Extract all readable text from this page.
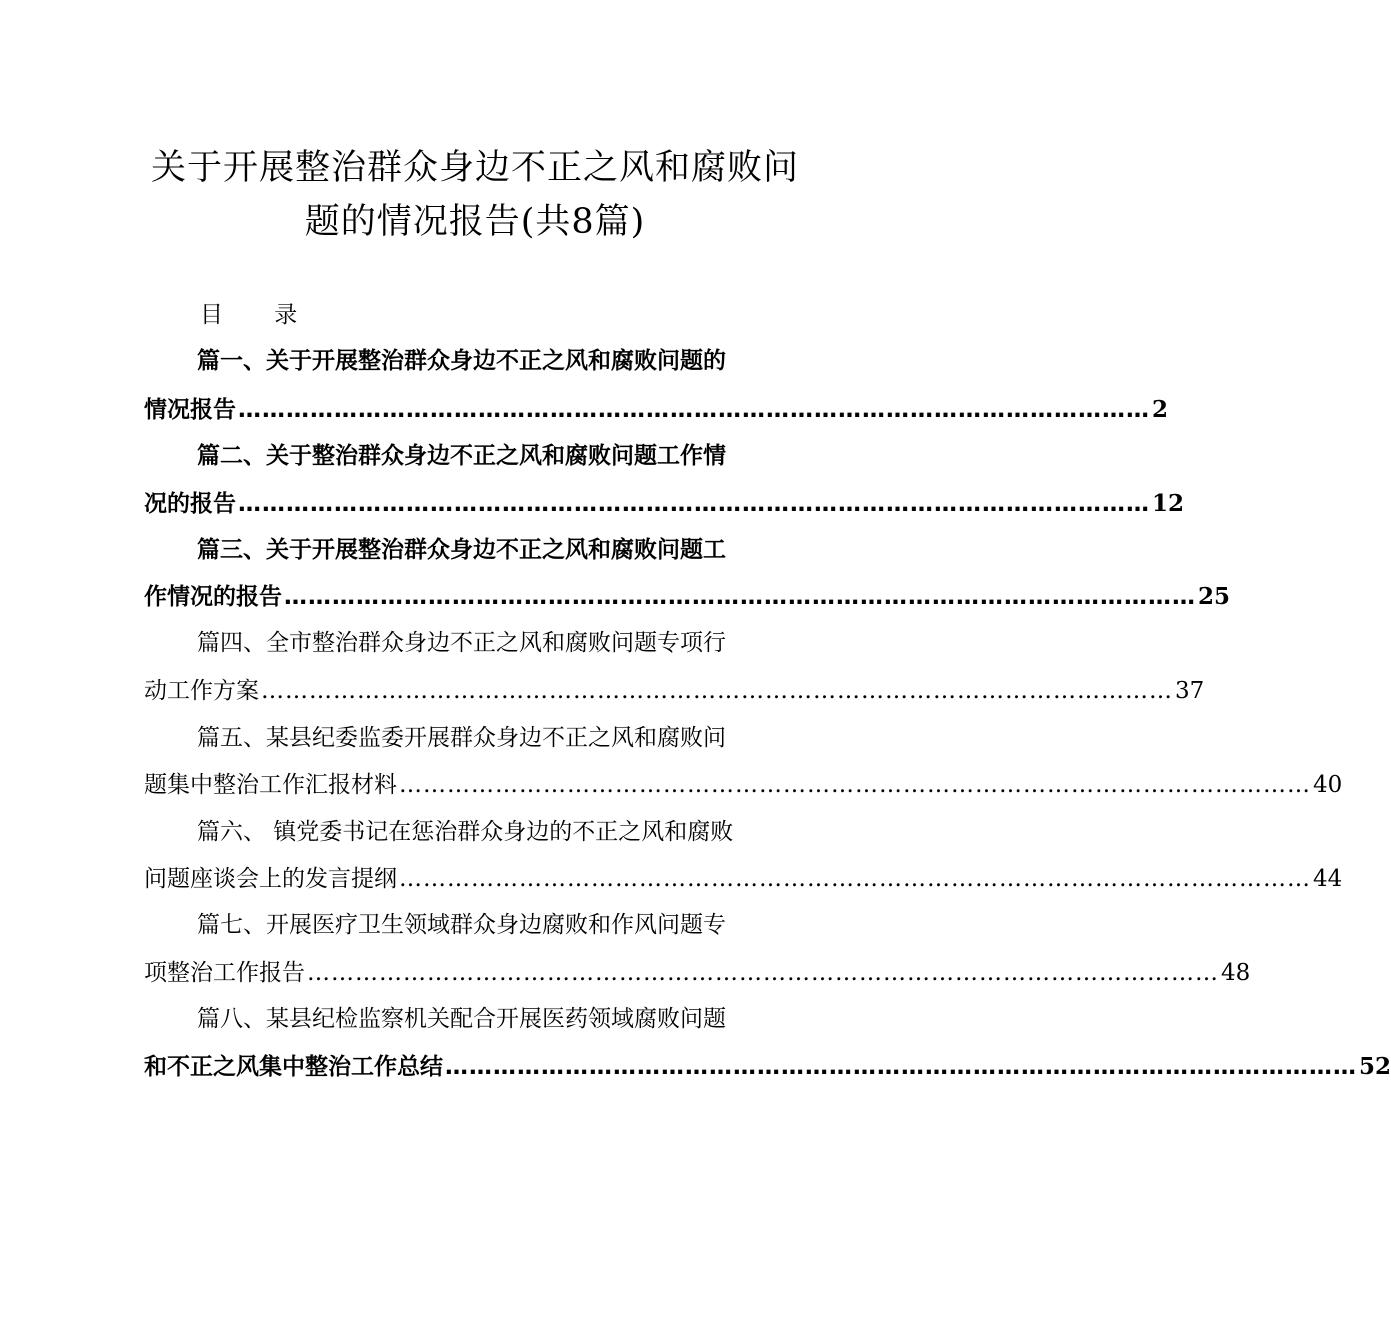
关于开展整治群众身边不正之风和腐败问
题的情况报告(共8篇)
目 录
篇一、关于开展整治群众身边不正之风和腐败问题的
情况报告 …………………………………………………………………………………………………… 2
篇二、关于整治群众身边不正之风和腐败问题工作情
况的报告 …………………………………………………………………………………………………… 12
篇三、关于开展整治群众身边不正之风和腐败问题工
作情况的报告 …………………………………………………………………………………………………… 25
篇四、全市整治群众身边不正之风和腐败问题专项行
动工作方案 …………………………………………………………………………………………………… 37
篇五、某县纪委监委开展群众身边不正之风和腐败问
题集中整治工作汇报材料 …………………………………………………………………………………………………… 40
篇六、 镇党委书记在惩治群众身边的不正之风和腐败
问题座谈会上的发言提纲 …………………………………………………………………………………………………… 44
篇七、开展医疗卫生领域群众身边腐败和作风问题专
项整治工作报告 …………………………………………………………………………………………………… 48
篇八、某县纪检监察机关配合开展医药领域腐败问题
和不正之风集中整治工作总结 …………………………………………………………………………………………………… 52
